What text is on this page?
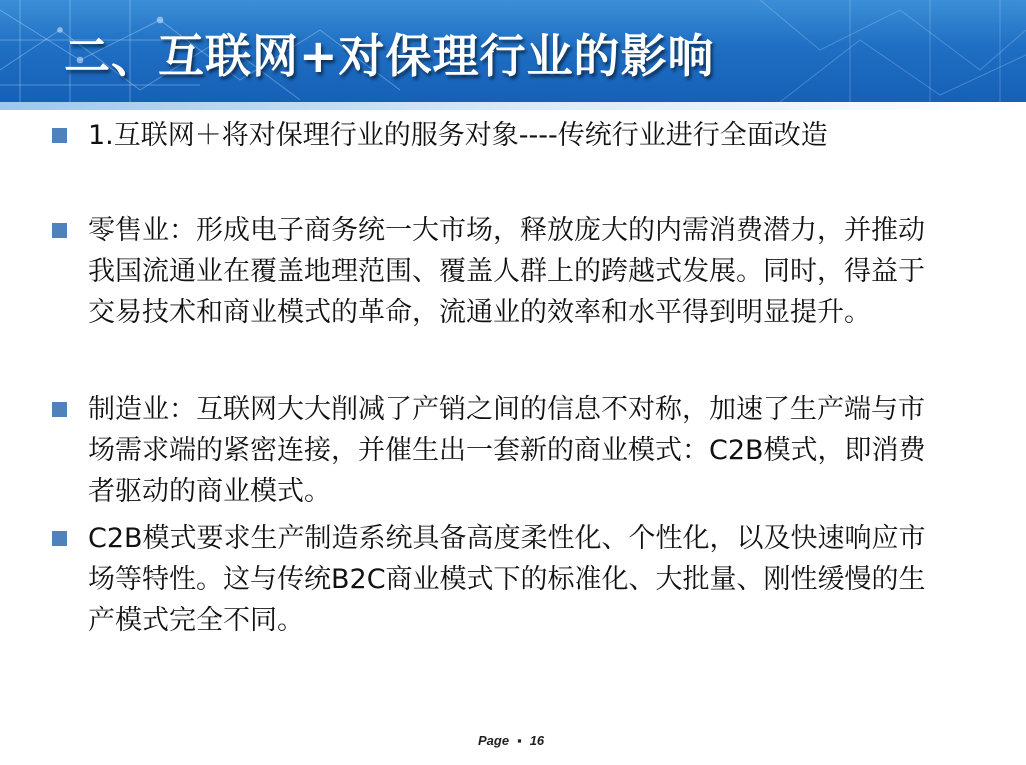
二、互联网+对保理行业的影响
1.互联网＋将对保理行业的服务对象----传统行业进行全面改造
零售业：形成电子商务统一大市场，释放庞大的内需消费潜力，并推动
我国流通业在覆盖地理范围、覆盖人群上的跨越式发展。同时，得益于
交易技术和商业模式的革命，流通业的效率和水平得到明显提升。
制造业：互联网大大削减了产销之间的信息不对称，加速了生产端与市
场需求端的紧密连接，并催生出一套新的商业模式：C2B模式，即消费
者驱动的商业模式。
C2B模式要求生产制造系统具备高度柔性化、个性化，以及快速响应市
场等特性。这与传统B2C商业模式下的标准化、大批量、刚性缓慢的生
产模式完全不同。
Page ▪ 16
